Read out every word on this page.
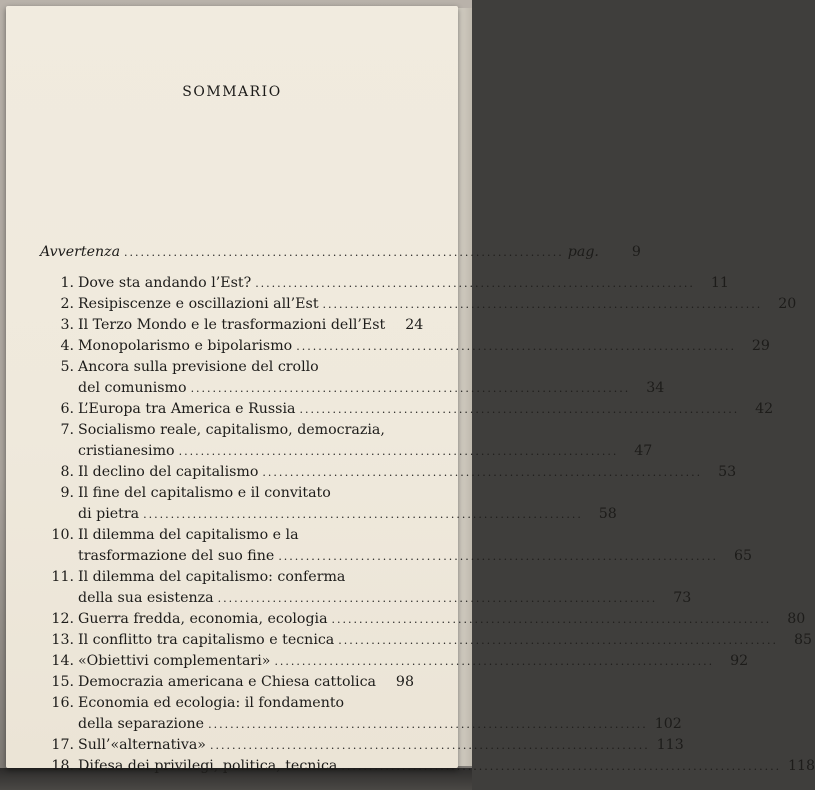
SOMMARIO
Avvertenza ................................................................................ pag.	9
1. Dove sta andando l’Est? ................................................................................	11
2. Resipiscenze e oscillazioni all’Est ................................................................................	20
3. Il Terzo Mondo e le trasformazioni dell’Est	24
4. Monopolarismo e bipolarismo ................................................................................	29
5. Ancora sulla previsione del crollo
del comunismo ................................................................................	34
6. L’Europa tra America e Russia ................................................................................	42
7. Socialismo reale, capitalismo, democrazia,
cristianesimo ................................................................................	47
8. Il declino del capitalismo ................................................................................	53
9. Il fine del capitalismo e il convitato
di pietra ................................................................................	58
10. Il dilemma del capitalismo e la
trasformazione del suo fine ................................................................................	65
11. Il dilemma del capitalismo: conferma
della sua esistenza ................................................................................	73
12. Guerra fredda, economia, ecologia ................................................................................	80
13. Il conflitto tra capitalismo e tecnica ................................................................................	85
14. «Obiettivi complementari» ................................................................................	92
15. Democrazia americana e Chiesa cattolica	98
16. Economia ed ecologia: il fondamento
della separazione ................................................................................ 102
17. Sull’«alternativa» ................................................................................ 113
18. Difesa dei privilegi, politica, tecnica ................................................................................ 118
